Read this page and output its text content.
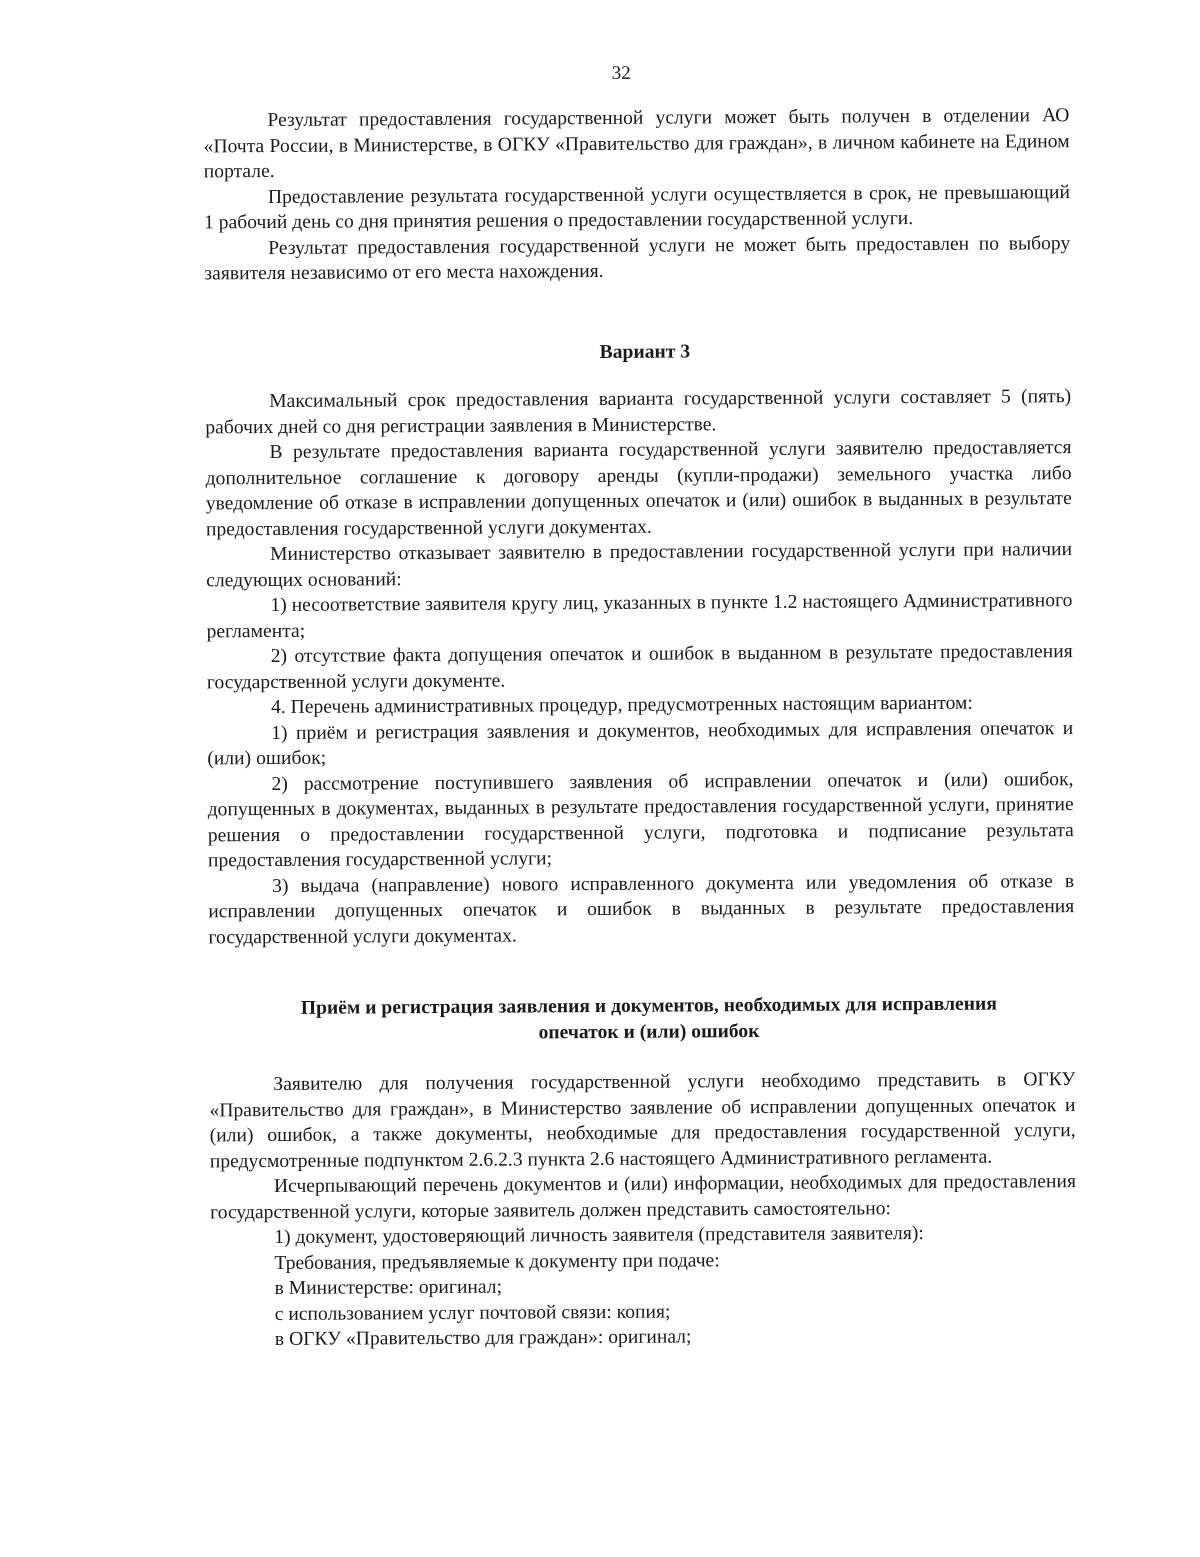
32

Результат предоставления государственной услуги может быть получен в отделении АО «Почта России, в Министерстве, в ОГКУ «Правительство для граждан», в личном кабинете на Едином портале.

Предоставление результата государственной услуги осуществляется в срок, не превышающий 1 рабочий день со дня принятия решения о предоставлении государственной услуги.

Результат предоставления государственной услуги не может быть предоставлен по выбору заявителя независимо от его места нахождения.

Вариант 3

Максимальный срок предоставления варианта государственной услуги составляет 5 (пять) рабочих дней со дня регистрации заявления в Министерстве.

В результате предоставления варианта государственной услуги заявителю предоставляется дополнительное соглашение к договору аренды (купли-продажи) земельного участка либо уведомление об отказе в исправлении допущенных опечаток и (или) ошибок в выданных в результате предоставления государственной услуги документах.

Министерство отказывает заявителю в предоставлении государственной услуги при наличии следующих оснований:

1) несоответствие заявителя кругу лиц, указанных в пункте 1.2 настоящего Административного регламента;

2) отсутствие факта допущения опечаток и ошибок в выданном в результате предоставления государственной услуги документе.

4. Перечень административных процедур, предусмотренных настоящим вариантом:

1) приём и регистрация заявления и документов, необходимых для исправления опечаток и (или) ошибок;

2) рассмотрение поступившего заявления об исправлении опечаток и (или) ошибок, допущенных в документах, выданных в результате предоставления государственной услуги, принятие решения о предоставлении государственной услуги, подготовка и подписание результата предоставления государственной услуги;

3) выдача (направление) нового исправленного документа или уведомления об отказе в исправлении допущенных опечаток и ошибок в выданных в результате предоставления государственной услуги документах.

Приём и регистрация заявления и документов, необходимых для исправления
опечаток и (или) ошибок

Заявителю для получения государственной услуги необходимо представить в ОГКУ «Правительство для граждан», в Министерство заявление об исправлении допущенных опечаток и (или) ошибок, а также документы, необходимые для предоставления государственной услуги, предусмотренные подпунктом 2.6.2.3 пункта 2.6 настоящего Административного регламента.

Исчерпывающий перечень документов и (или) информации, необходимых для предоставления государственной услуги, которые заявитель должен представить самостоятельно:

1) документ, удостоверяющий личность заявителя (представителя заявителя):

Требования, предъявляемые к документу при подаче:

в Министерстве: оригинал;

с использованием услуг почтовой связи: копия;

в ОГКУ «Правительство для граждан»: оригинал;
